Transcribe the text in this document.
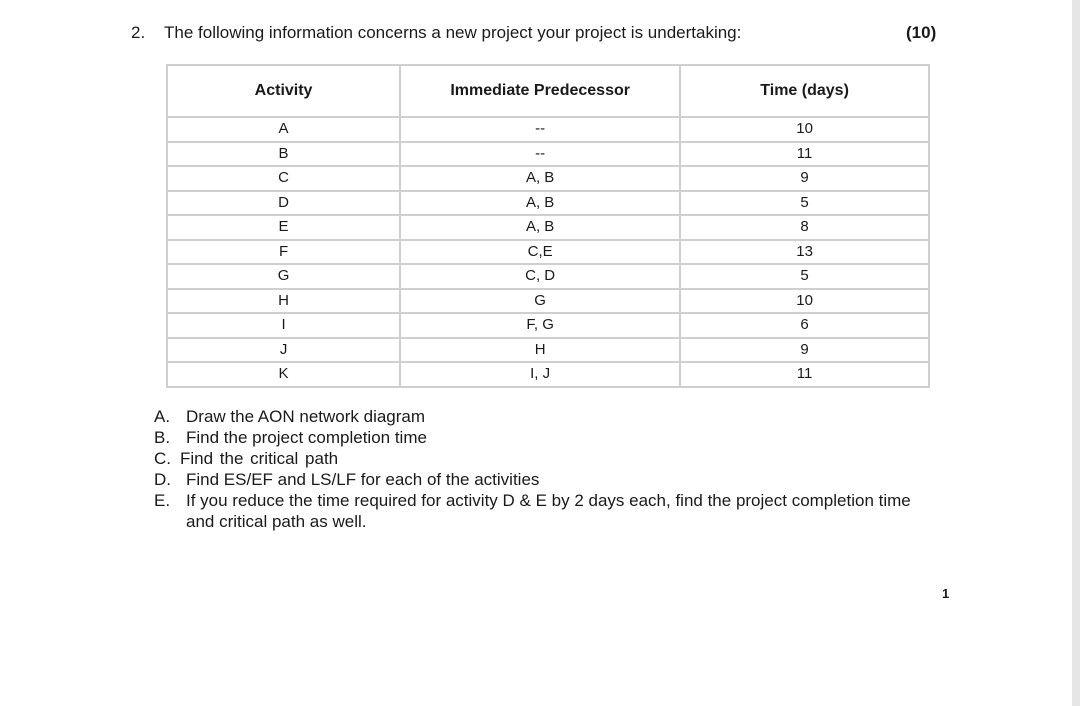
2. The following information concerns a new project your project is undertaking:	(10)
Activity	Immediate Predecessor	Time (days)
A	--	10
B	--	11
C	A, B	9
D	A, B	5
E	A, B	8
F	C,E	13
G	C, D	5
H	G	10
I	F, G	6
J	H	9
K	I, J	11
A. Draw the AON network diagram
B. Find the project completion time
C. Find the critical path
D. Find ES/EF and LS/LF for each of the activities
E. If you reduce the time required for activity D & E by 2 days each, find the project completion time and critical path as well.
1
